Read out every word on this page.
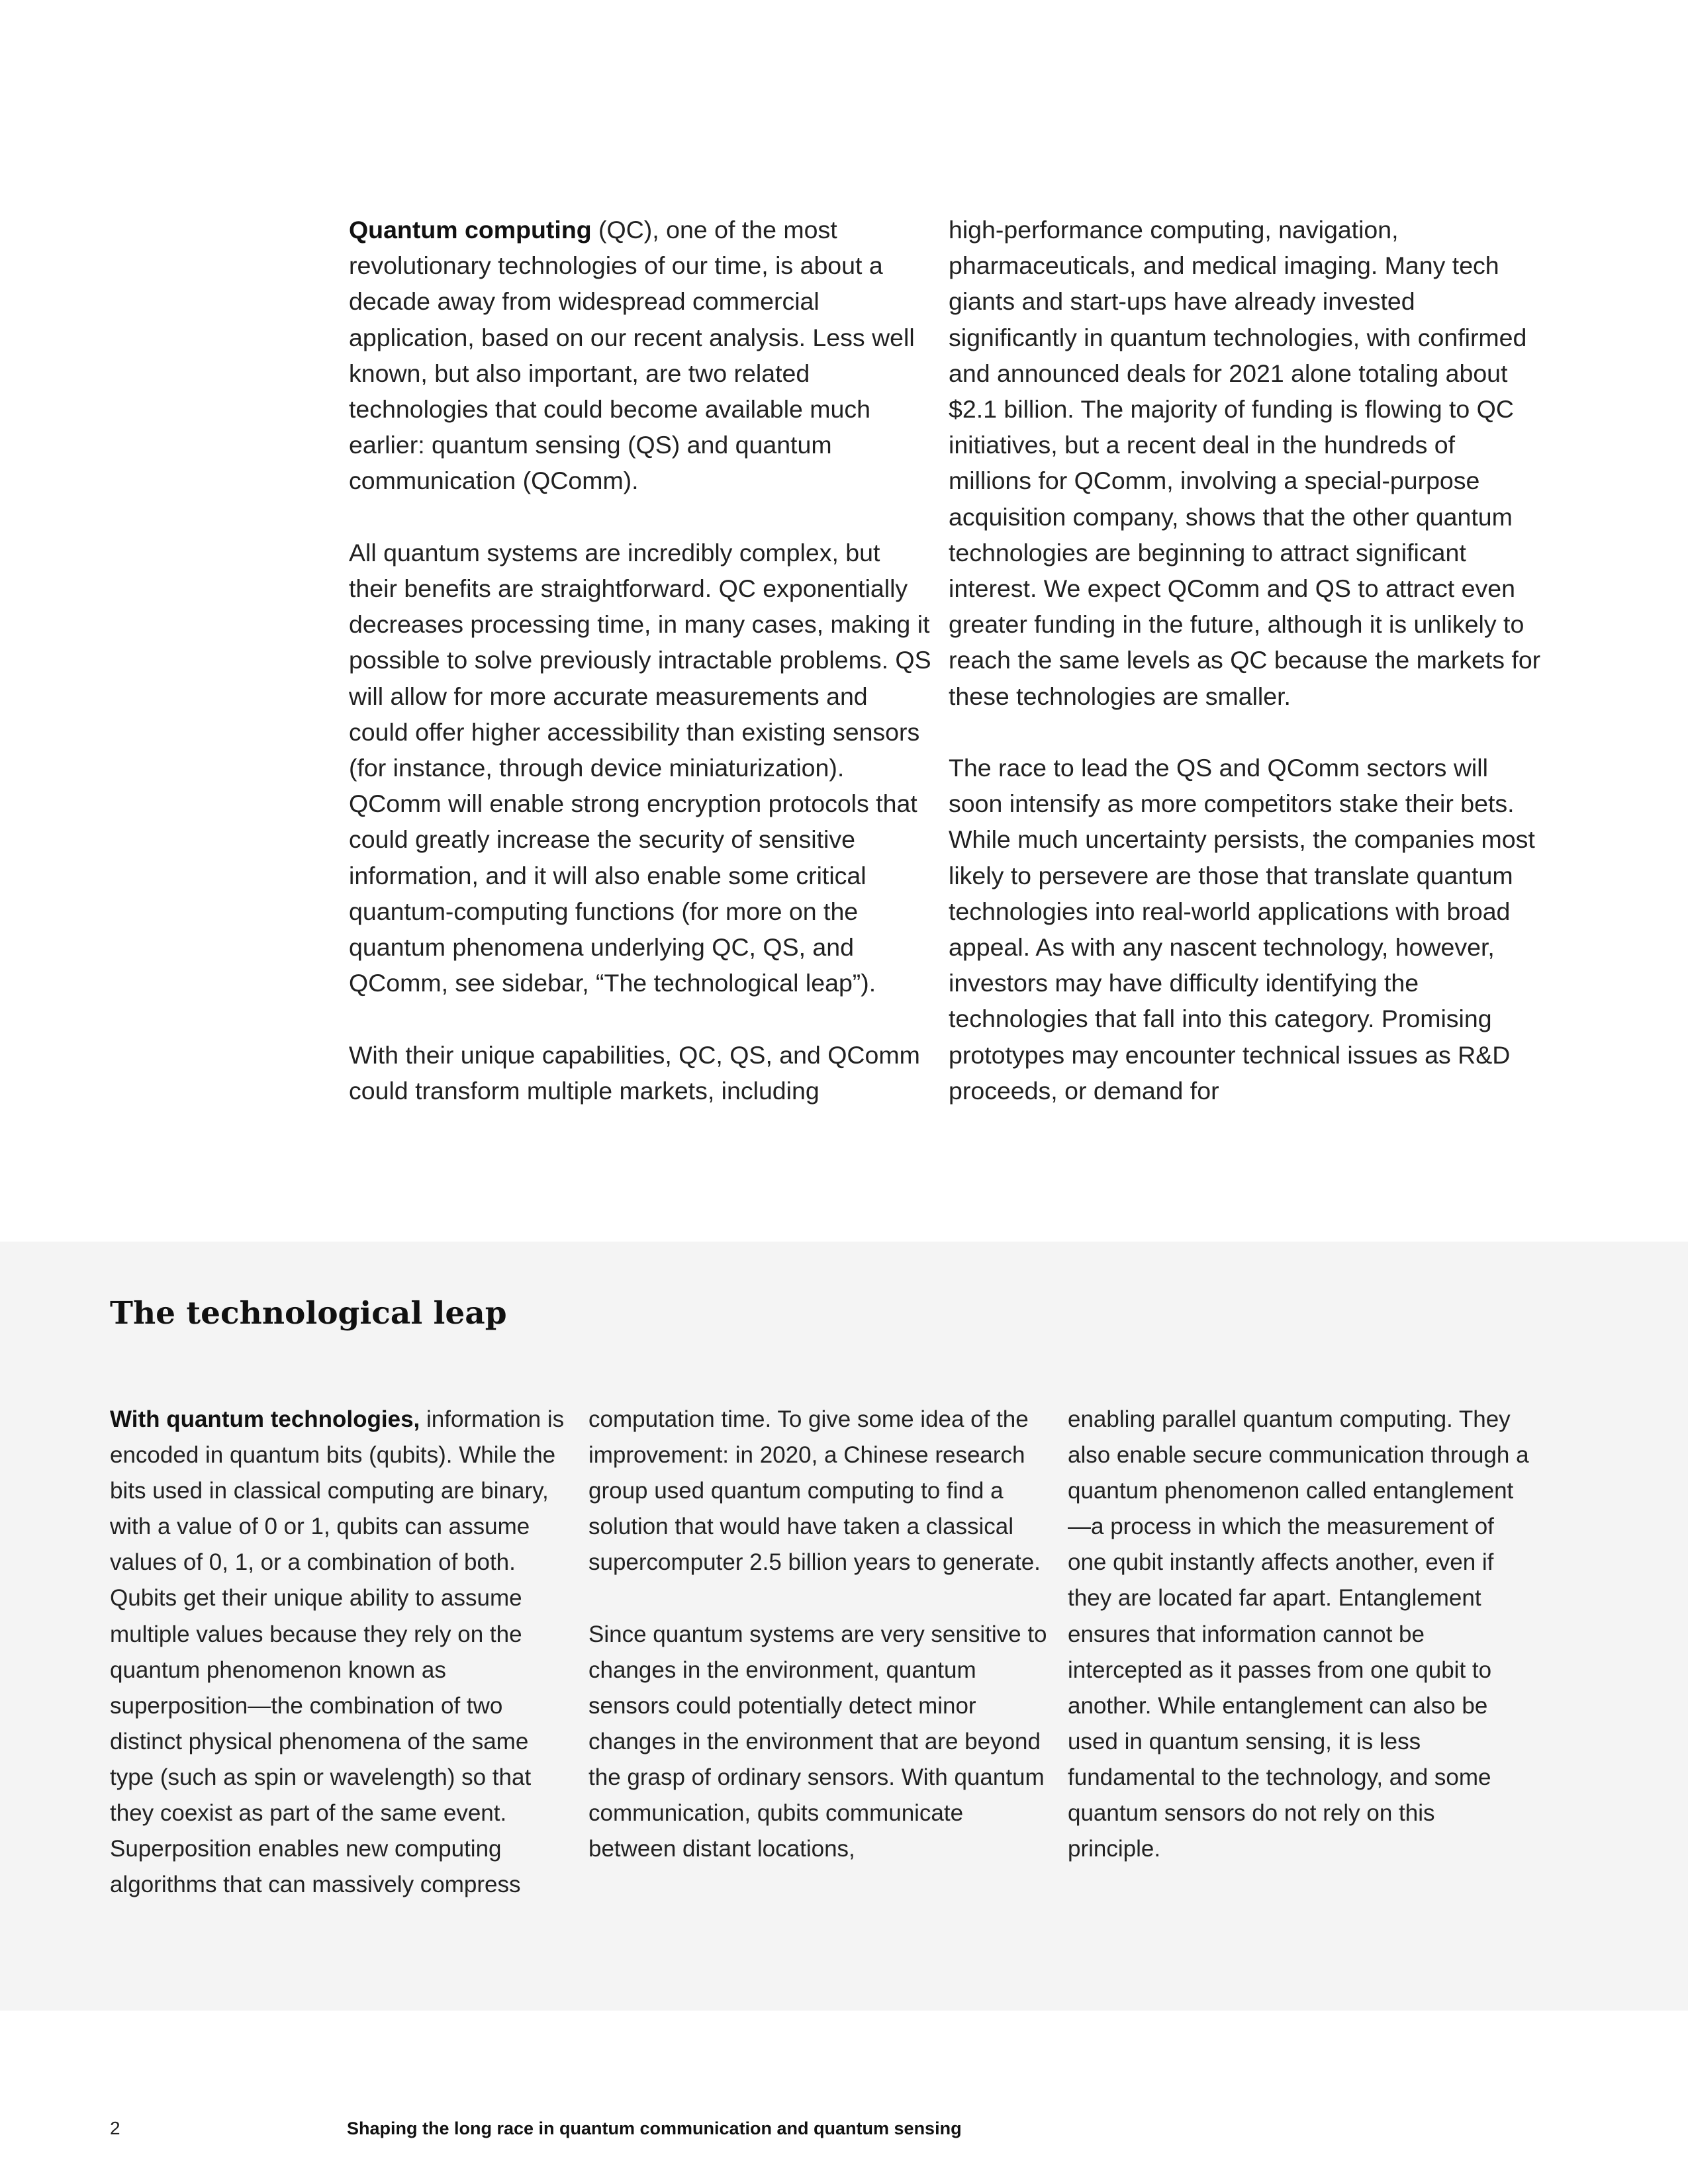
Quantum computing (QC), one of the most revolutionary technologies of our time, is about a decade away from widespread commercial application, based on our recent analysis. Less well known, but also important, are two related technologies that could become available much earlier: quantum sensing (QS) and quantum communication (QComm).

All quantum systems are incredibly complex, but their benefits are straightforward. QC exponentially decreases processing time, in many cases, making it possible to solve previously intractable problems. QS will allow for more accurate measurements and could offer higher accessibility than existing sensors (for instance, through device miniaturization). QComm will enable strong encryption protocols that could greatly increase the security of sensitive information, and it will also enable some critical quantum-computing functions (for more on the quantum phenomena underlying QC, QS, and QComm, see sidebar, “The technological leap”).

With their unique capabilities, QC, QS, and QComm could transform multiple markets, including

high-performance computing, navigation, pharmaceuticals, and medical imaging. Many tech giants and start-ups have already invested significantly in quantum technologies, with confirmed and announced deals for 2021 alone totaling about $2.1 billion. The majority of funding is flowing to QC initiatives, but a recent deal in the hundreds of millions for QComm, involving a special-purpose acquisition company, shows that the other quantum technologies are beginning to attract significant interest. We expect QComm and QS to attract even greater funding in the future, although it is unlikely to reach the same levels as QC because the markets for these technologies are smaller.

The race to lead the QS and QComm sectors will soon intensify as more competitors stake their bets. While much uncertainty persists, the companies most likely to persevere are those that translate quantum technologies into real-world applications with broad appeal. As with any nascent technology, however, investors may have difficulty identifying the technologies that fall into this category. Promising prototypes may encounter technical issues as R&D proceeds, or demand for

The technological leap

With quantum technologies, information is encoded in quantum bits (qubits). While the bits used in classical computing are binary, with a value of 0 or 1, qubits can assume values of 0, 1, or a combination of both. Qubits get their unique ability to assume multiple values because they rely on the quantum phenomenon known as superposition—the combination of two distinct physical phenomena of the same type (such as spin or wavelength) so that they coexist as part of the same event. Superposition enables new computing algorithms that can massively compress

computation time. To give some idea of the improvement: in 2020, a Chinese research group used quantum computing to find a solution that would have taken a classical supercomputer 2.5 billion years to generate.

Since quantum systems are very sensitive to changes in the environment, quantum sensors could potentially detect minor changes in the environment that are beyond the grasp of ordinary sensors. With quantum communication, qubits communicate between distant locations,

enabling parallel quantum computing. They also enable secure communication through a quantum phenomenon called entanglement—a process in which the measurement of one qubit instantly affects another, even if they are located far apart. Entanglement ensures that information cannot be intercepted as it passes from one qubit to another. While entanglement can also be used in quantum sensing, it is less fundamental to the technology, and some quantum sensors do not rely on this principle.

2	Shaping the long race in quantum communication and quantum sensing
